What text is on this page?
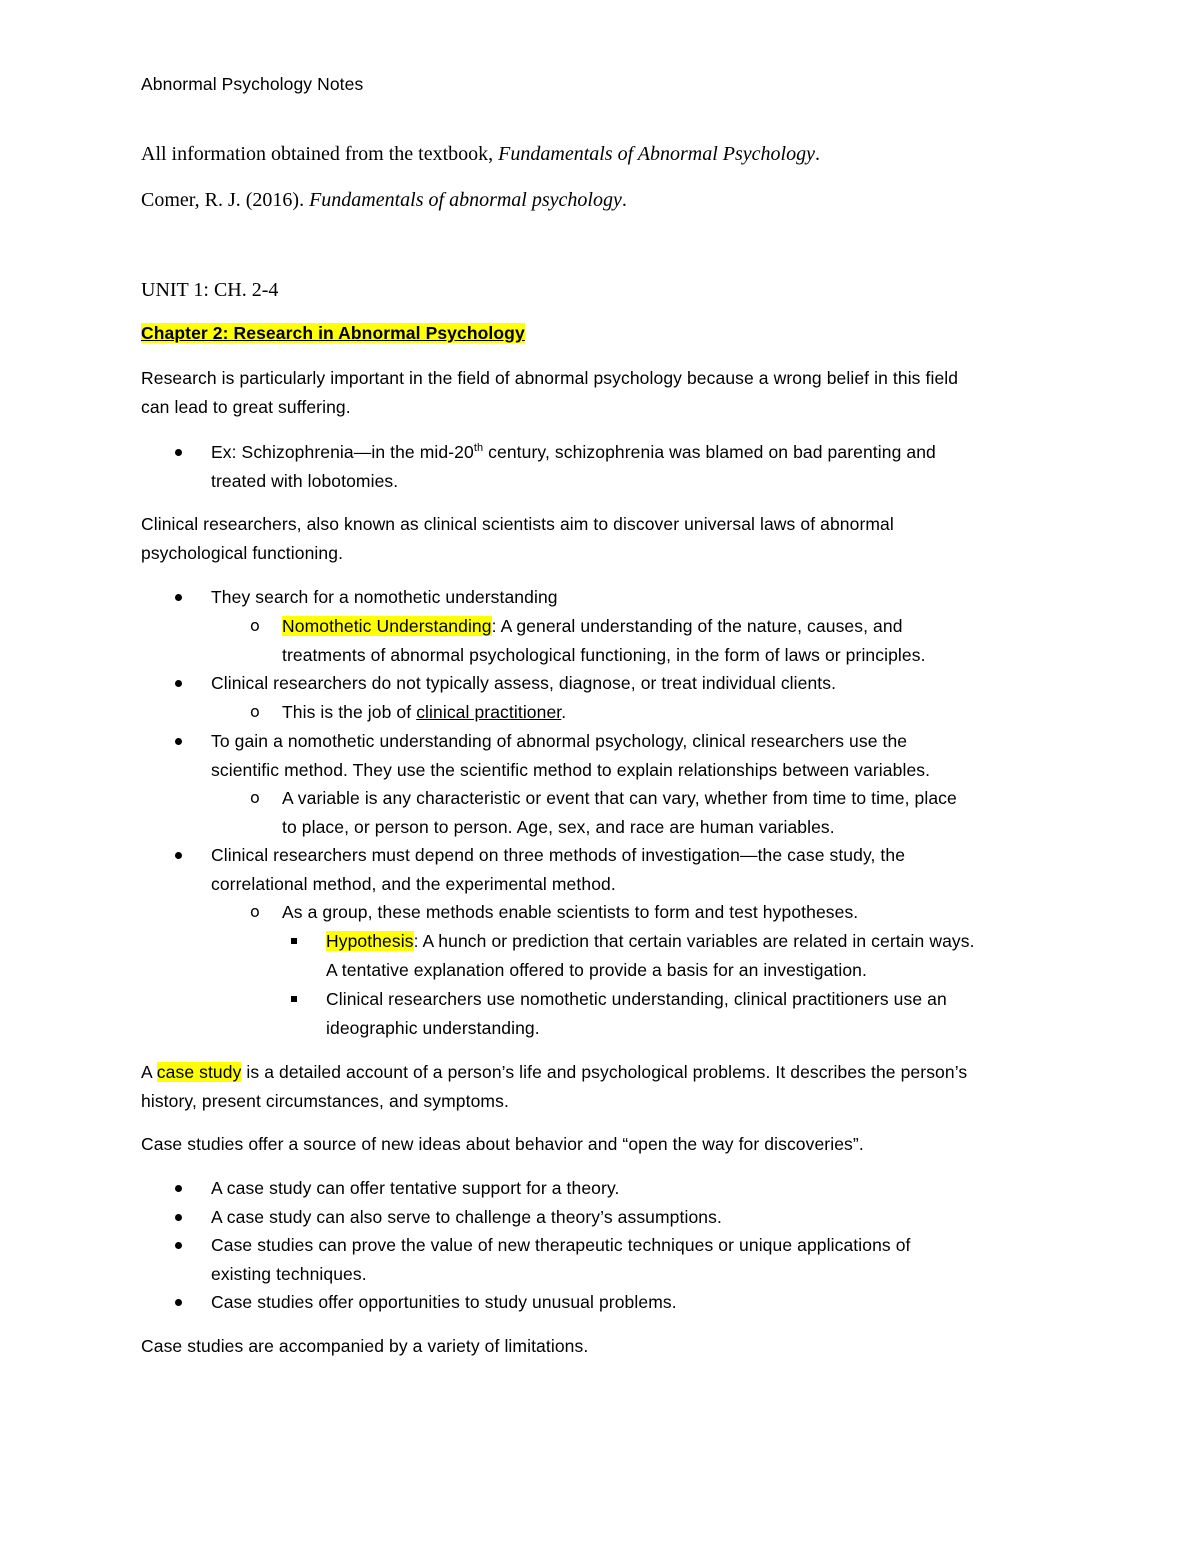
Abnormal Psychology Notes
All information obtained from the textbook, Fundamentals of Abnormal Psychology.
Comer, R. J. (2016). Fundamentals of abnormal psychology.
UNIT 1: CH. 2-4
Chapter 2: Research in Abnormal Psychology
Research is particularly important in the field of abnormal psychology because a wrong belief in this field
can lead to great suffering.
Ex: Schizophrenia—in the mid-20th century, schizophrenia was blamed on bad parenting and
treated with lobotomies.
Clinical researchers, also known as clinical scientists aim to discover universal laws of abnormal
psychological functioning.
They search for a nomothetic understanding
o Nomothetic Understanding: A general understanding of the nature, causes, and
treatments of abnormal psychological functioning, in the form of laws or principles.
Clinical researchers do not typically assess, diagnose, or treat individual clients.
o This is the job of clinical practitioner.
To gain a nomothetic understanding of abnormal psychology, clinical researchers use the
scientific method. They use the scientific method to explain relationships between variables.
o A variable is any characteristic or event that can vary, whether from time to time, place
to place, or person to person. Age, sex, and race are human variables.
Clinical researchers must depend on three methods of investigation—the case study, the
correlational method, and the experimental method.
o As a group, these methods enable scientists to form and test hypotheses.
Hypothesis: A hunch or prediction that certain variables are related in certain ways.
A tentative explanation offered to provide a basis for an investigation.
Clinical researchers use nomothetic understanding, clinical practitioners use an
ideographic understanding.
A case study is a detailed account of a person’s life and psychological problems. It describes the person’s
history, present circumstances, and symptoms.
Case studies offer a source of new ideas about behavior and “open the way for discoveries”.
A case study can offer tentative support for a theory.
A case study can also serve to challenge a theory’s assumptions.
Case studies can prove the value of new therapeutic techniques or unique applications of
existing techniques.
Case studies offer opportunities to study unusual problems.
Case studies are accompanied by a variety of limitations.
